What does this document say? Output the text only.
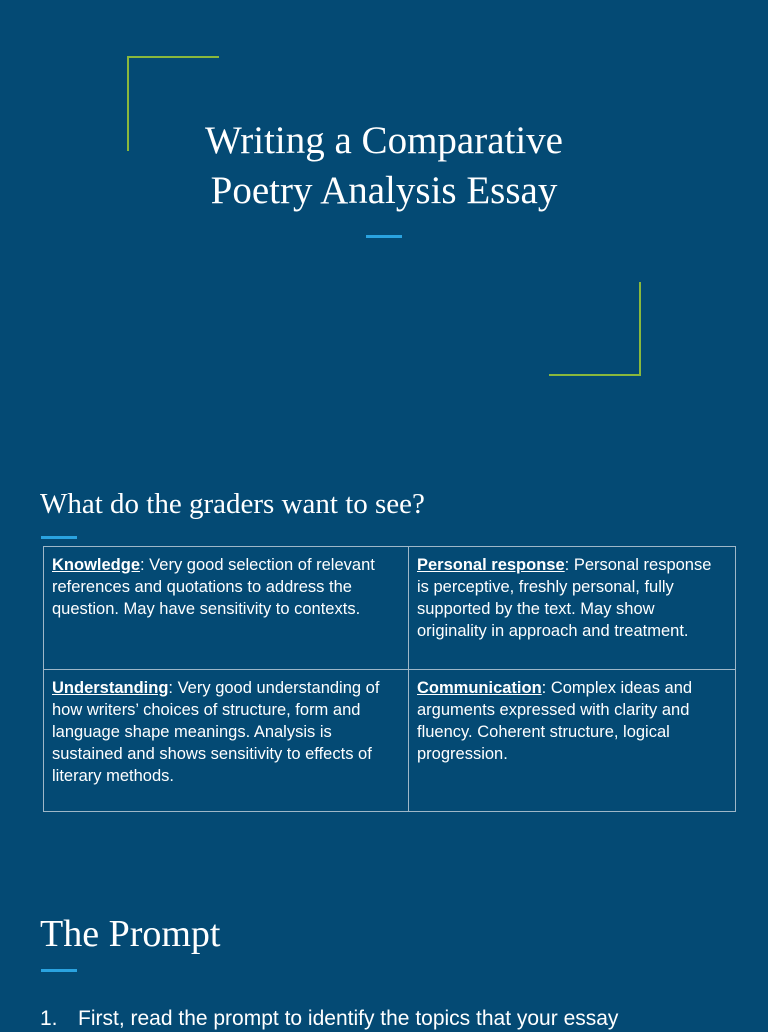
Writing a Comparative
Poetry Analysis Essay
What do the graders want to see?
Knowledge: Very good selection of relevant references and quotations to address the question. May have sensitivity to contexts.	Personal response: Personal response is perceptive, freshly personal, fully supported by the text. May show originality in approach and treatment.
Understanding: Very good understanding of how writers’ choices of structure, form and language shape meanings. Analysis is sustained and shows sensitivity to effects of literary methods.	Communication: Complex ideas and arguments expressed with clarity and fluency. Coherent structure, logical progression.
The Prompt

1. First, read the prompt to identify the topics that your essay
